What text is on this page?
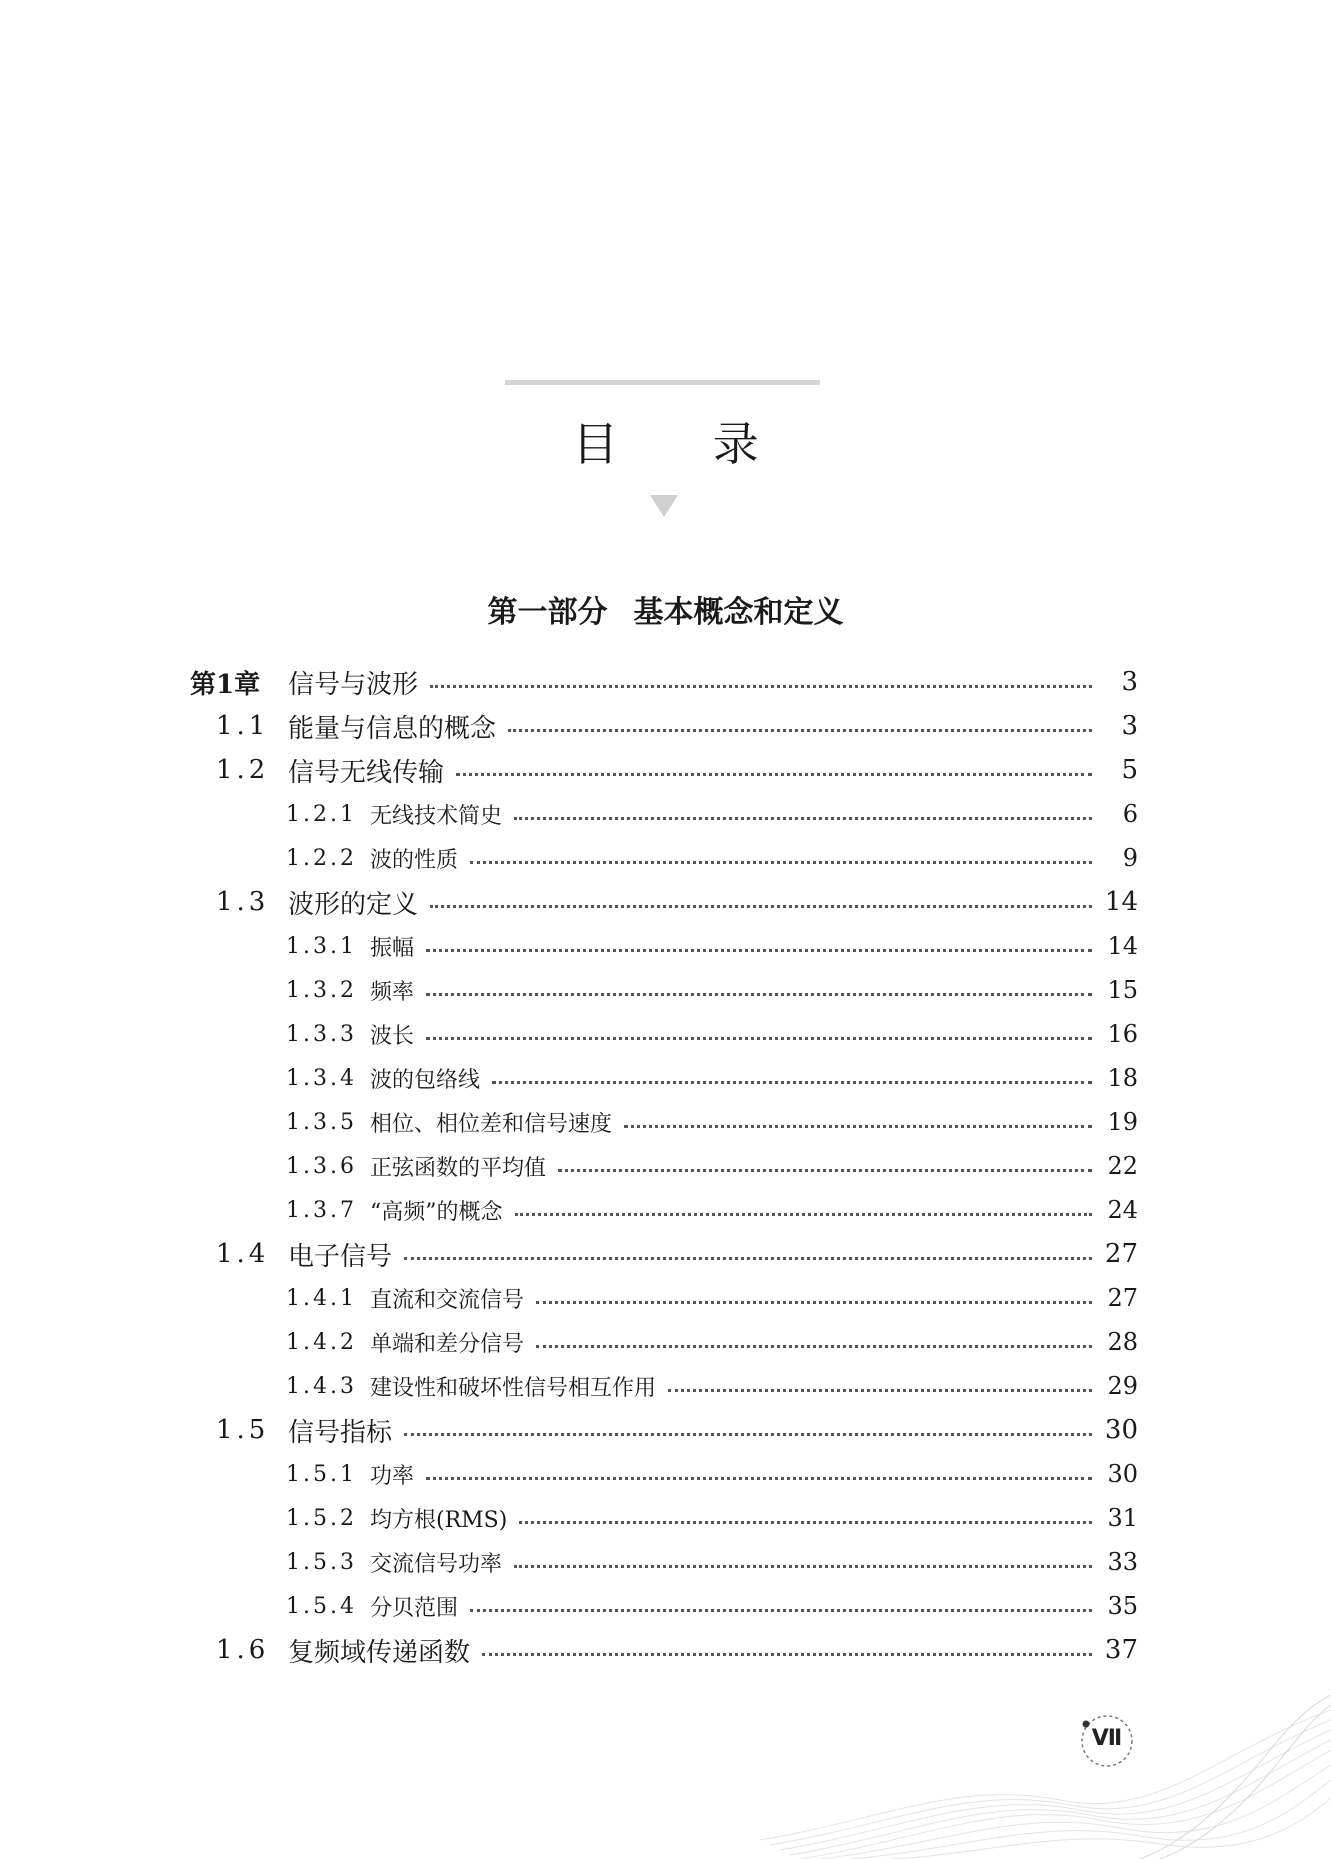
目 录
第一部分 基本概念和定义
第1章 信号与波形	3
1.1 能量与信息的概念	3
1.2 信号无线传输	5
1.2.1 无线技术简史	6
1.2.2 波的性质	9
1.3 波形的定义	14
1.3.1 振幅	14
1.3.2 频率	15
1.3.3 波长	16
1.3.4 波的包络线	18
1.3.5 相位、相位差和信号速度	19
1.3.6 正弦函数的平均值	22
1.3.7 “高频”的概念	24
1.4 电子信号	27
1.4.1 直流和交流信号	27
1.4.2 单端和差分信号	28
1.4.3 建设性和破坏性信号相互作用	29
1.5 信号指标	30
1.5.1 功率	30
1.5.2 均方根(RMS)	31
1.5.3 交流信号功率	33
1.5.4 分贝范围	35
1.6 复频域传递函数	37
Ⅶ
